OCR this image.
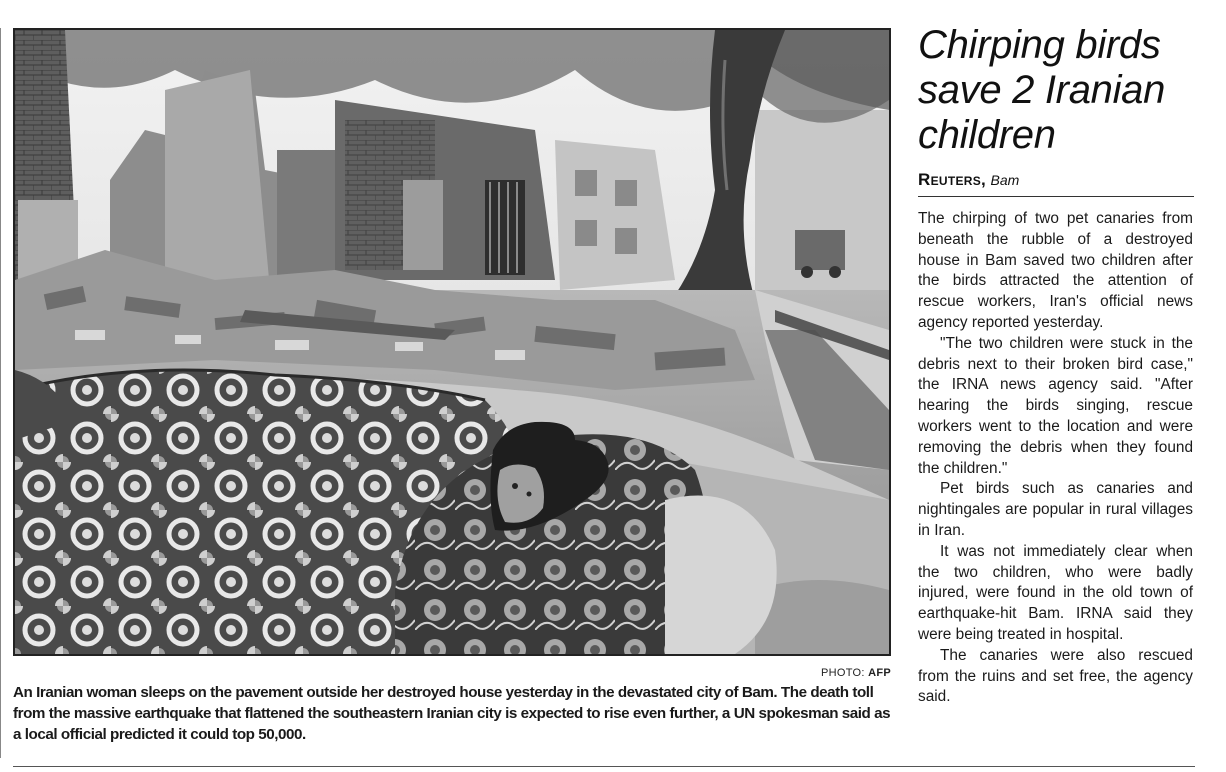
PHOTO: AFP

An Iranian woman sleeps on the pavement outside her destroyed house yesterday in the devastated city of Bam. The death toll from the massive earthquake that flattened the southeastern Iranian city is expected to rise even further, a UN spokesman said as a local official predicted it could top 50,000.

Chirping birds save 2 Iranian children
Reuters, Bam

The chirping of two pet canaries from beneath the rubble of a destroyed house in Bam saved two children after the birds attracted the attention of rescue workers, Iran's official news agency reported yesterday.

"The two children were stuck in the debris next to their broken bird case," the IRNA news agency said. "After hearing the birds singing, rescue workers went to the location and were removing the debris when they found the children."

Pet birds such as canaries and nightingales are popular in rural villages in Iran.

It was not immediately clear when the two children, who were badly injured, were found in the old town of earthquake-hit Bam. IRNA said they were being treated in hospital.

The canaries were also rescued from the ruins and set free, the agency said.
